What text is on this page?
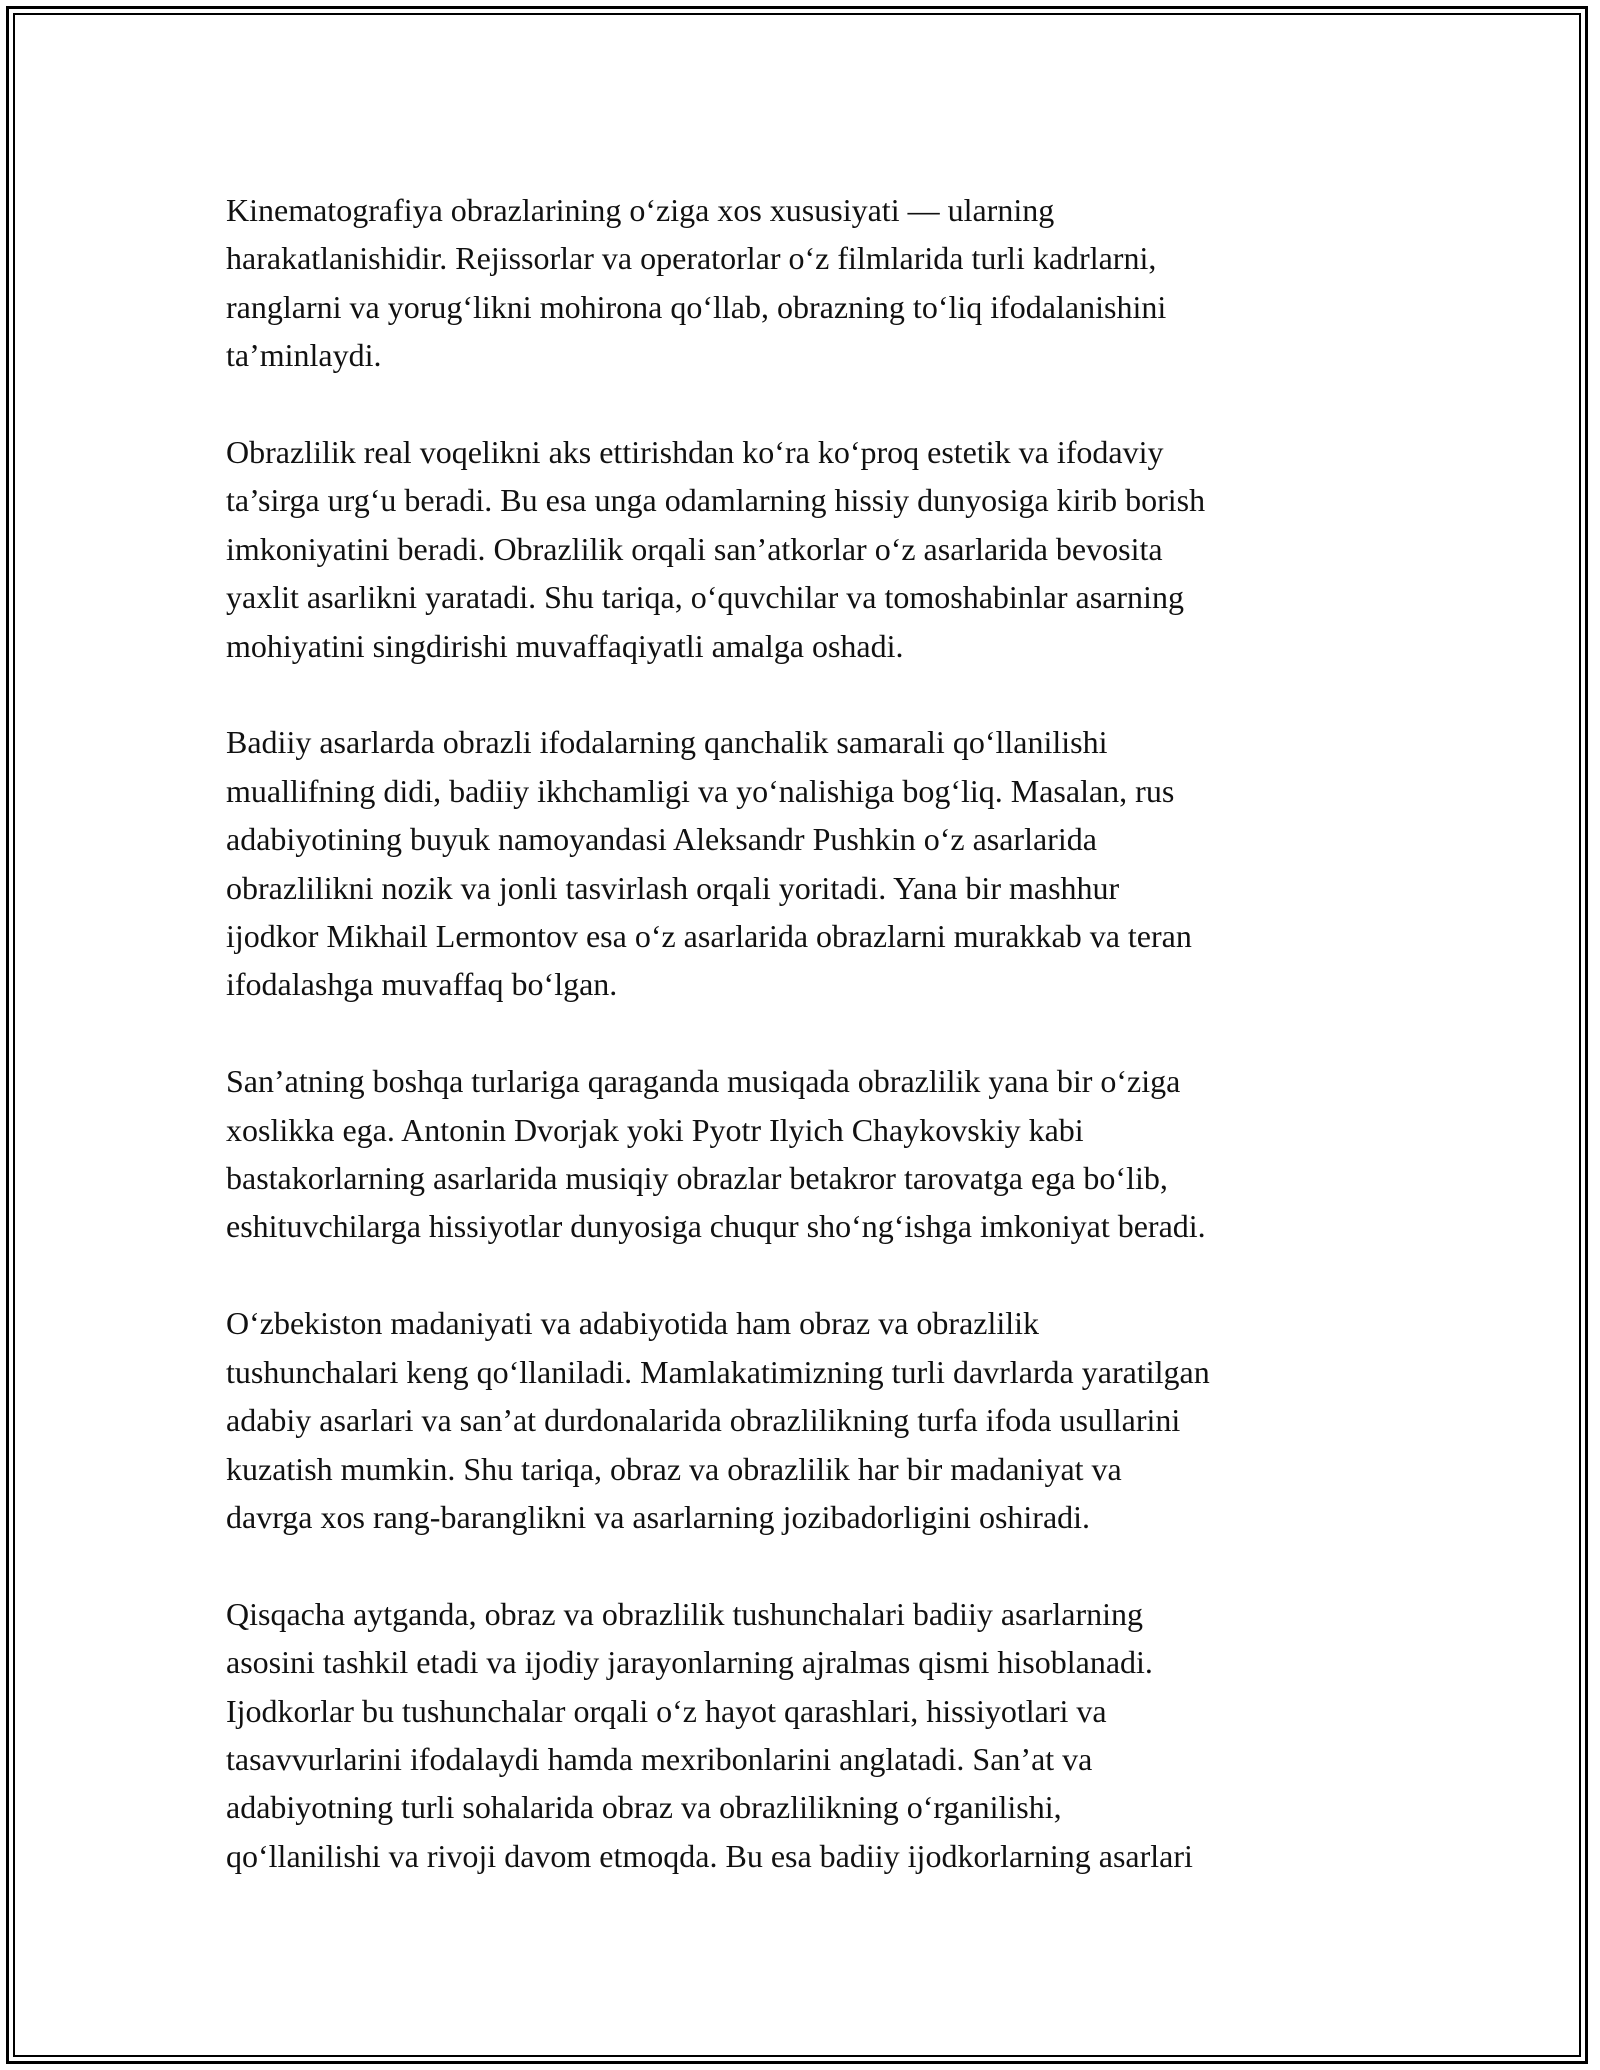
Kinematografiya obrazlarining o‘ziga xos xususiyati — ularning
harakatlanishidir. Rejissorlar va operatorlar o‘z filmlarida turli kadrlarni,
ranglarni va yorug‘likni mohirona qo‘llab, obrazning to‘liq ifodalanishini
ta’minlaydi.

Obrazlilik real voqelikni aks ettirishdan ko‘ra ko‘proq estetik va ifodaviy
ta’sirga urg‘u beradi. Bu esa unga odamlarning hissiy dunyosiga kirib borish
imkoniyatini beradi. Obrazlilik orqali san’atkorlar o‘z asarlarida bevosita
yaxlit asarlikni yaratadi. Shu tariqa, o‘quvchilar va tomoshabinlar asarning
mohiyatini singdirishi muvaffaqiyatli amalga oshadi.

Badiiy asarlarda obrazli ifodalarning qanchalik samarali qo‘llanilishi
muallifning didi, badiiy ikhchamligi va yo‘nalishiga bog‘liq. Masalan, rus
adabiyotining buyuk namoyandasi Aleksandr Pushkin o‘z asarlarida
obrazlilikni nozik va jonli tasvirlash orqali yoritadi. Yana bir mashhur
ijodkor Mikhail Lermontov esa o‘z asarlarida obrazlarni murakkab va teran
ifodalashga muvaffaq bo‘lgan.

San’atning boshqa turlariga qaraganda musiqada obrazlilik yana bir o‘ziga
xoslikka ega. Antonin Dvorjak yoki Pyotr Ilyich Chaykovskiy kabi
bastakorlarning asarlarida musiqiy obrazlar betakror tarovatga ega bo‘lib,
eshituvchilarga hissiyotlar dunyosiga chuqur sho‘ng‘ishga imkoniyat beradi.

O‘zbekiston madaniyati va adabiyotida ham obraz va obrazlilik
tushunchalari keng qo‘llaniladi. Mamlakatimizning turli davrlarda yaratilgan
adabiy asarlari va san’at durdonalarida obrazlilikning turfa ifoda usullarini
kuzatish mumkin. Shu tariqa, obraz va obrazlilik har bir madaniyat va
davrga xos rang-baranglikni va asarlarning jozibadorligini oshiradi.

Qisqacha aytganda, obraz va obrazlilik tushunchalari badiiy asarlarning
asosini tashkil etadi va ijodiy jarayonlarning ajralmas qismi hisoblanadi.
Ijodkorlar bu tushunchalar orqali o‘z hayot qarashlari, hissiyotlari va
tasavvurlarini ifodalaydi hamda mexribonlarini anglatadi. San’at va
adabiyotning turli sohalarida obraz va obrazlilikning o‘rganilishi,
qo‘llanilishi va rivoji davom etmoqda. Bu esa badiiy ijodkorlarning asarlari
